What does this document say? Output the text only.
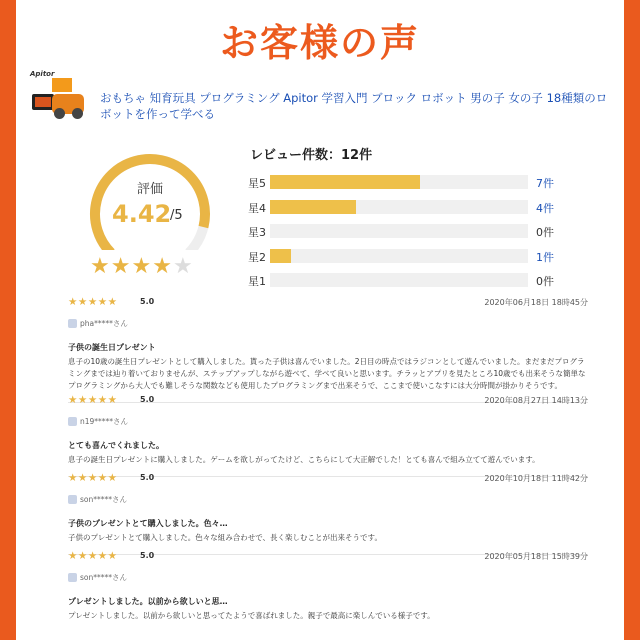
お客様の声
Apitor
おもちゃ 知育玩具 プログラミング Apitor 学習入門 ブロック ロボット 男の子 女の子 18種類のロボットを作って学べる
評価
4.42
/5
★★★★★
レビュー件数：12件
星5	7件
星4	4件
星3	0件
星2	1件
星1	0件
★★★★★	5.0	2020年06月18日 18時45分
pha*****さん
子供の誕生日プレゼント
息子の10歳の誕生日プレゼントとして購入しました。貰った子供は喜んでいました。2日目の時点ではラジコンとして遊んでいました。まだまだプログラミングまでは辿り着いておりませんが、ステップアップしながら遊べて、学べて良いと思います。チラッとアプリを見たところ10歳でも出来そうな簡単なプログラミングから大人でも難しそうな関数なども使用したプログラミングまで出来そうで、ここまで使いこなすには大分時間が掛かりそうです。
★★★★★	5.0	2020年08月27日 14時13分
n19*****さん
とても喜んでくれました。
息子の誕生日プレゼントに購入しました。ゲームを欲しがってたけど、こちらにして大正解でした！とても喜んで組み立てて遊んでいます。
★★★★★	5.0	2020年10月18日 11時42分
son*****さん
子供のプレゼントとて購入しました。色々…
子供のプレゼントとて購入しました。色々な組み合わせで、長く楽しむことが出来そうです。
★★★★★	5.0	2020年05月18日 15時39分
son*****さん
プレゼントしました。以前から欲しいと思…
プレゼントしました。以前から欲しいと思ってたようで喜ばれました。親子で最高に楽しんでいる様子です。
